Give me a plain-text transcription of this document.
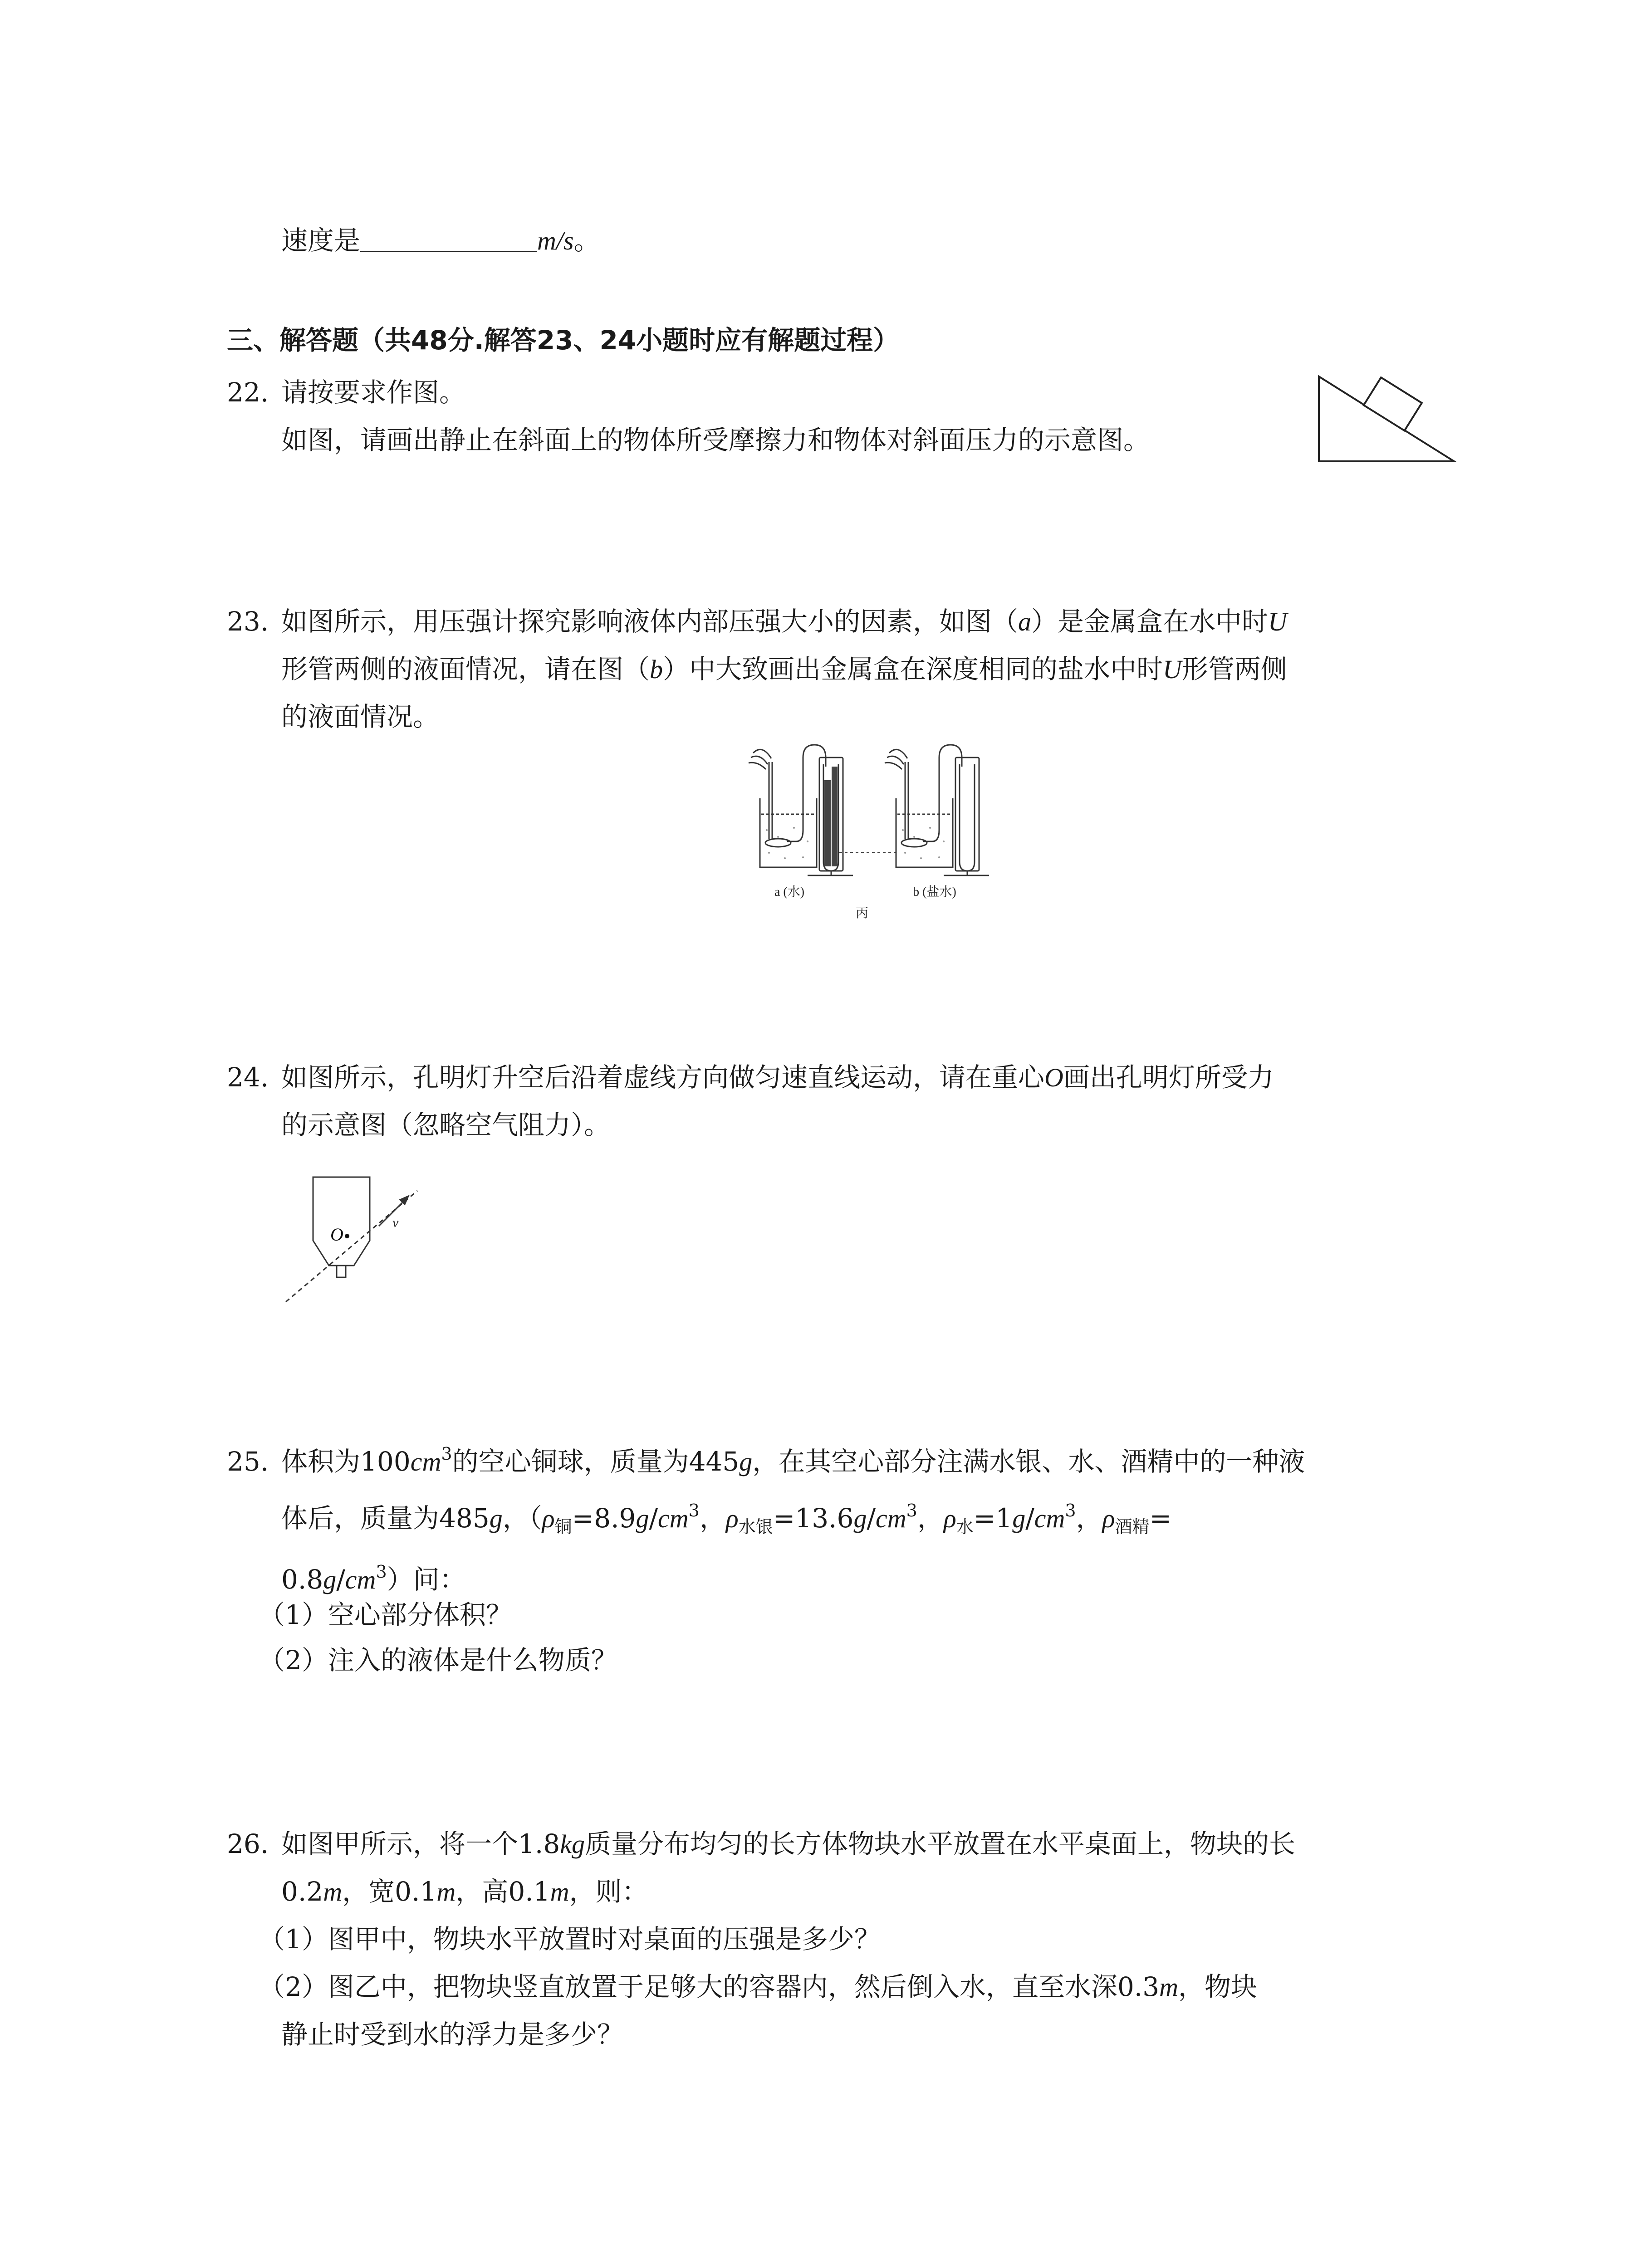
速度是	m/s。
三、解答题（共48分.解答23、24小题时应有解题过程）
22. 请按要求作图。
如图，请画出静止在斜面上的物体所受摩擦力和物体对斜面压力的示意图。
23. 如图所示，用压强计探究影响液体内部压强大小的因素，如图（a）是金属盒在水中时U
形管两侧的液面情况，请在图（b）中大致画出金属盒在深度相同的盐水中时U形管两侧
的液面情况。
a (水)	b (盐水)
丙
24. 如图所示，孔明灯升空后沿着虚线方向做匀速直线运动，请在重心O画出孔明灯所受力
的示意图（忽略空气阻力）。
O
v
25. 体积为$100cm^3$的空心铜球，质量为445g，在其空心部分注满水银、水、酒精中的一种液
体后，质量为485g，（$\rho_铜=8.9g/cm^3$，$\rho_{水银}=13.6g/cm^3$，$\rho_水=1g/cm^3$，$\rho_{酒精}=$
$0.8g/cm^3$）问：
（1）空心部分体积？
（2）注入的液体是什么物质？
26. 如图甲所示，将一个1.8kg质量分布均匀的长方体物块水平放置在水平桌面上，物块的长
0.2m，宽0.1m，高0.1m，则：
（1）图甲中，物块水平放置时对桌面的压强是多少？
（2）图乙中，把物块竖直放置于足够大的容器内，然后倒入水，直至水深0.3m，物块
静止时受到水的浮力是多少？
